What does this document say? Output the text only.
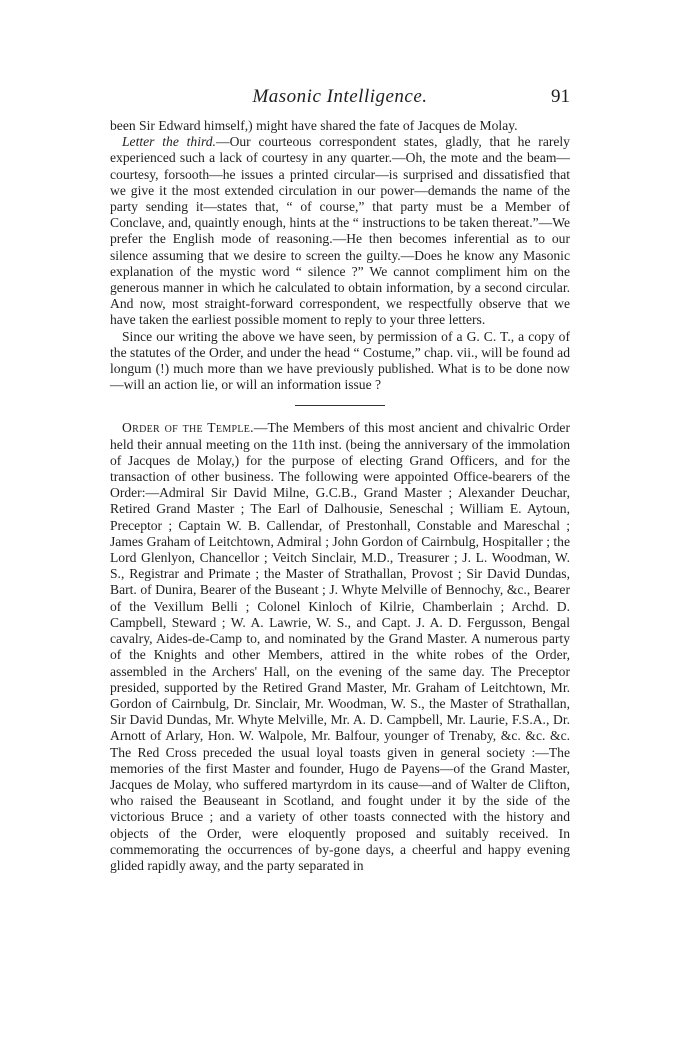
Masonic Intelligence.	91

been Sir Edward himself,) might have shared the fate of Jacques de Molay.

Letter the third.—Our courteous correspondent states, gladly, that he rarely experienced such a lack of courtesy in any quarter.—Oh, the mote and the beam—courtesy, forsooth—he issues a printed circular—is surprised and dissatisfied that we give it the most extended circulation in our power—demands the name of the party sending it—states that, “ of course,” that party must be a Member of Conclave, and, quaintly enough, hints at the “ instructions to be taken thereat.”—We prefer the English mode of reasoning.—He then becomes inferential as to our silence assuming that we desire to screen the guilty.—Does he know any Masonic explanation of the mystic word “ silence ?” We cannot compliment him on the generous manner in which he calculated to obtain information, by a second circular. And now, most straight-forward correspondent, we respectfully observe that we have taken the earliest possible moment to reply to your three letters.

Since our writing the above we have seen, by permission of a G. C. T., a copy of the statutes of the Order, and under the head “ Costume,” chap. vii., will be found ad longum (!) much more than we have previously published. What is to be done now—will an action lie, or will an information issue ?

Order of the Temple.—The Members of this most ancient and chivalric Order held their annual meeting on the 11th inst. (being the anniversary of the immolation of Jacques de Molay,) for the purpose of electing Grand Officers, and for the transaction of other business. The following were appointed Office-bearers of the Order:—Admiral Sir David Milne, G.C.B., Grand Master ; Alexander Deuchar, Retired Grand Master ; The Earl of Dalhousie, Seneschal ; William E. Aytoun, Preceptor ; Captain W. B. Callendar, of Prestonhall, Constable and Mareschal ; James Graham of Leitchtown, Admiral ; John Gordon of Cairnbulg, Hospitaller ; the Lord Glenlyon, Chancellor ; Veitch Sinclair, M.D., Treasurer ; J. L. Woodman, W. S., Registrar and Primate ; the Master of Strathallan, Provost ; Sir David Dundas, Bart. of Dunira, Bearer of the Buseant ; J. Whyte Melville of Bennochy, &c., Bearer of the Vexillum Belli ; Colonel Kinloch of Kilrie, Chamberlain ; Archd. D. Campbell, Steward ; W. A. Lawrie, W. S., and Capt. J. A. D. Fergusson, Bengal cavalry, Aides-de-Camp to, and nominated by the Grand Master. A numerous party of the Knights and other Members, attired in the white robes of the Order, assembled in the Archers' Hall, on the evening of the same day. The Preceptor presided, supported by the Retired Grand Master, Mr. Graham of Leitchtown, Mr. Gordon of Cairnbulg, Dr. Sinclair, Mr. Woodman, W. S., the Master of Strathallan, Sir David Dundas, Mr. Whyte Melville, Mr. A. D. Campbell, Mr. Laurie, F.S.A., Dr. Arnott of Arlary, Hon. W. Walpole, Mr. Balfour, younger of Trenaby, &c. &c. &c. The Red Cross preceded the usual loyal toasts given in general society :—The memories of the first Master and founder, Hugo de Payens—of the Grand Master, Jacques de Molay, who suffered martyrdom in its cause—and of Walter de Clifton, who raised the Beauseant in Scotland, and fought under it by the side of the victorious Bruce ; and a variety of other toasts connected with the history and objects of the Order, were eloquently proposed and suitably received. In commemorating the occurrences of by-gone days, a cheerful and happy evening glided rapidly away, and the party separated in
